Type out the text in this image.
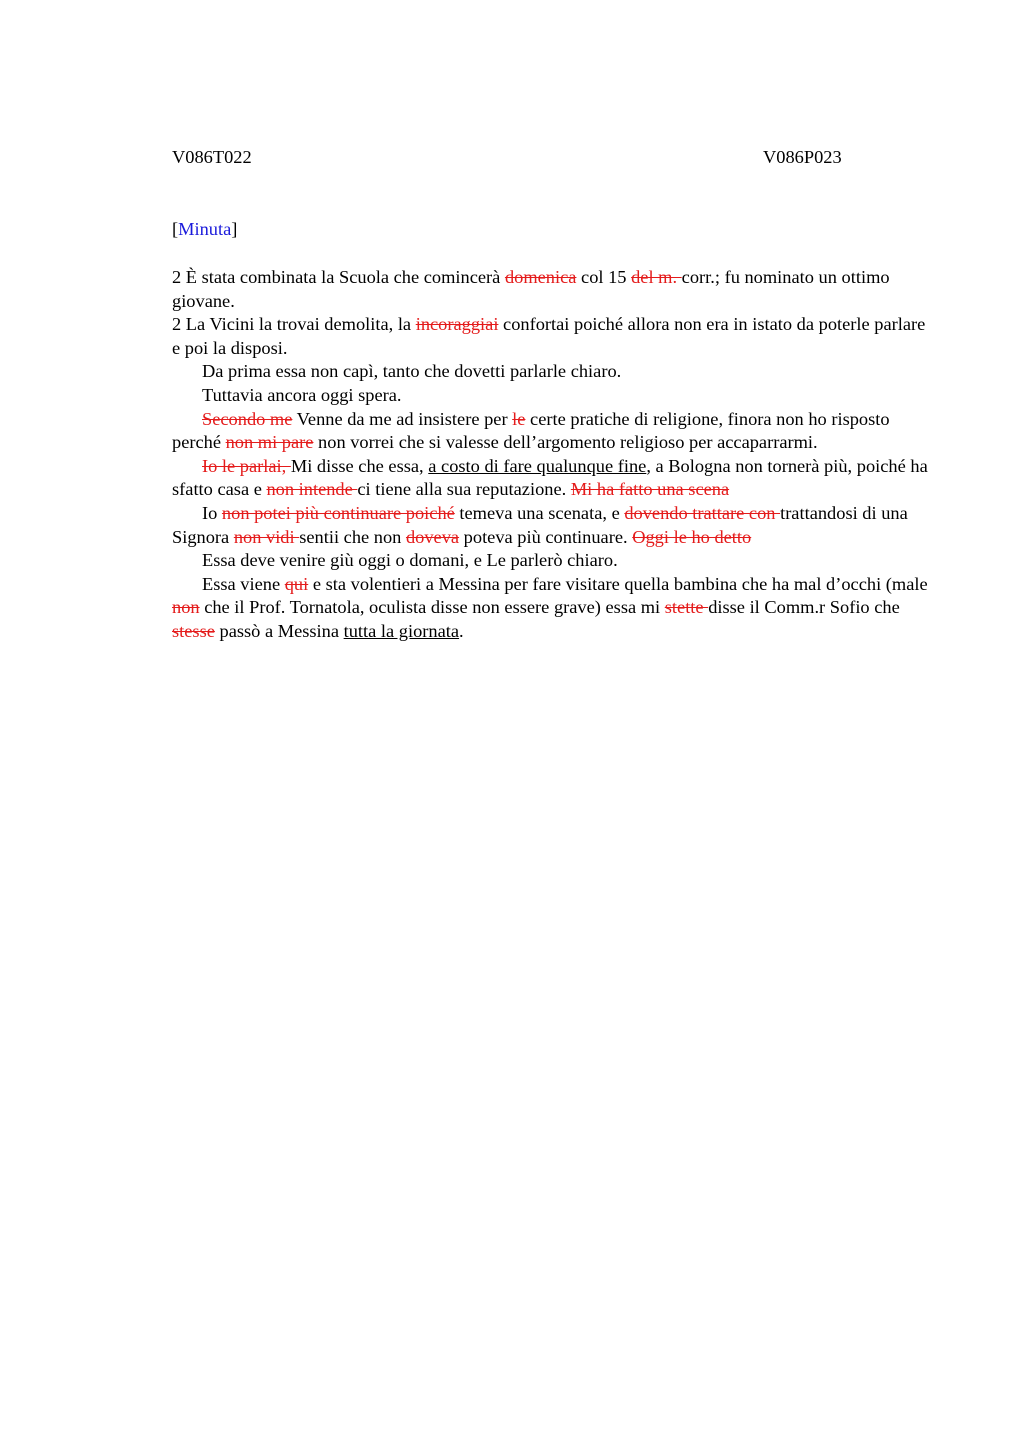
V086T022	V086P023
[Minuta]

2 È stata combinata la Scuola che comincerà domenica col 15 del m. corr.; fu nominato un ottimo giovane.

2 La Vicini la trovai demolita, la incoraggiai confortai poiché allora non era in istato da poterle parlare e poi la disposi.

Da prima essa non capì, tanto che dovetti parlarle chiaro.

Tuttavia ancora oggi spera.

Secondo me Venne da me ad insistere per le certe pratiche di religione, finora non ho risposto perché non mi pare non vorrei che si valesse dell’argomento religioso per accaparrarmi.

Io le parlai, Mi disse che essa, a costo di fare qualunque fine, a Bologna non tornerà più, poiché ha sfatto casa e non intende ci tiene alla sua reputazione. Mi ha fatto una scena

Io non potei più continuare poiché temeva una scenata, e dovendo trattare con trattandosi di una Signora non vidi sentii che non doveva poteva più continuare. Oggi le ho detto

Essa deve venire giù oggi o domani, e Le parlerò chiaro.

Essa viene qui e sta volentieri a Messina per fare visitare quella bambina che ha mal d’occhi (male non che il Prof. Tornatola, oculista disse non essere grave) essa mi stette disse il Comm.r Sofio che stesse passò a Messina tutta la giornata.
